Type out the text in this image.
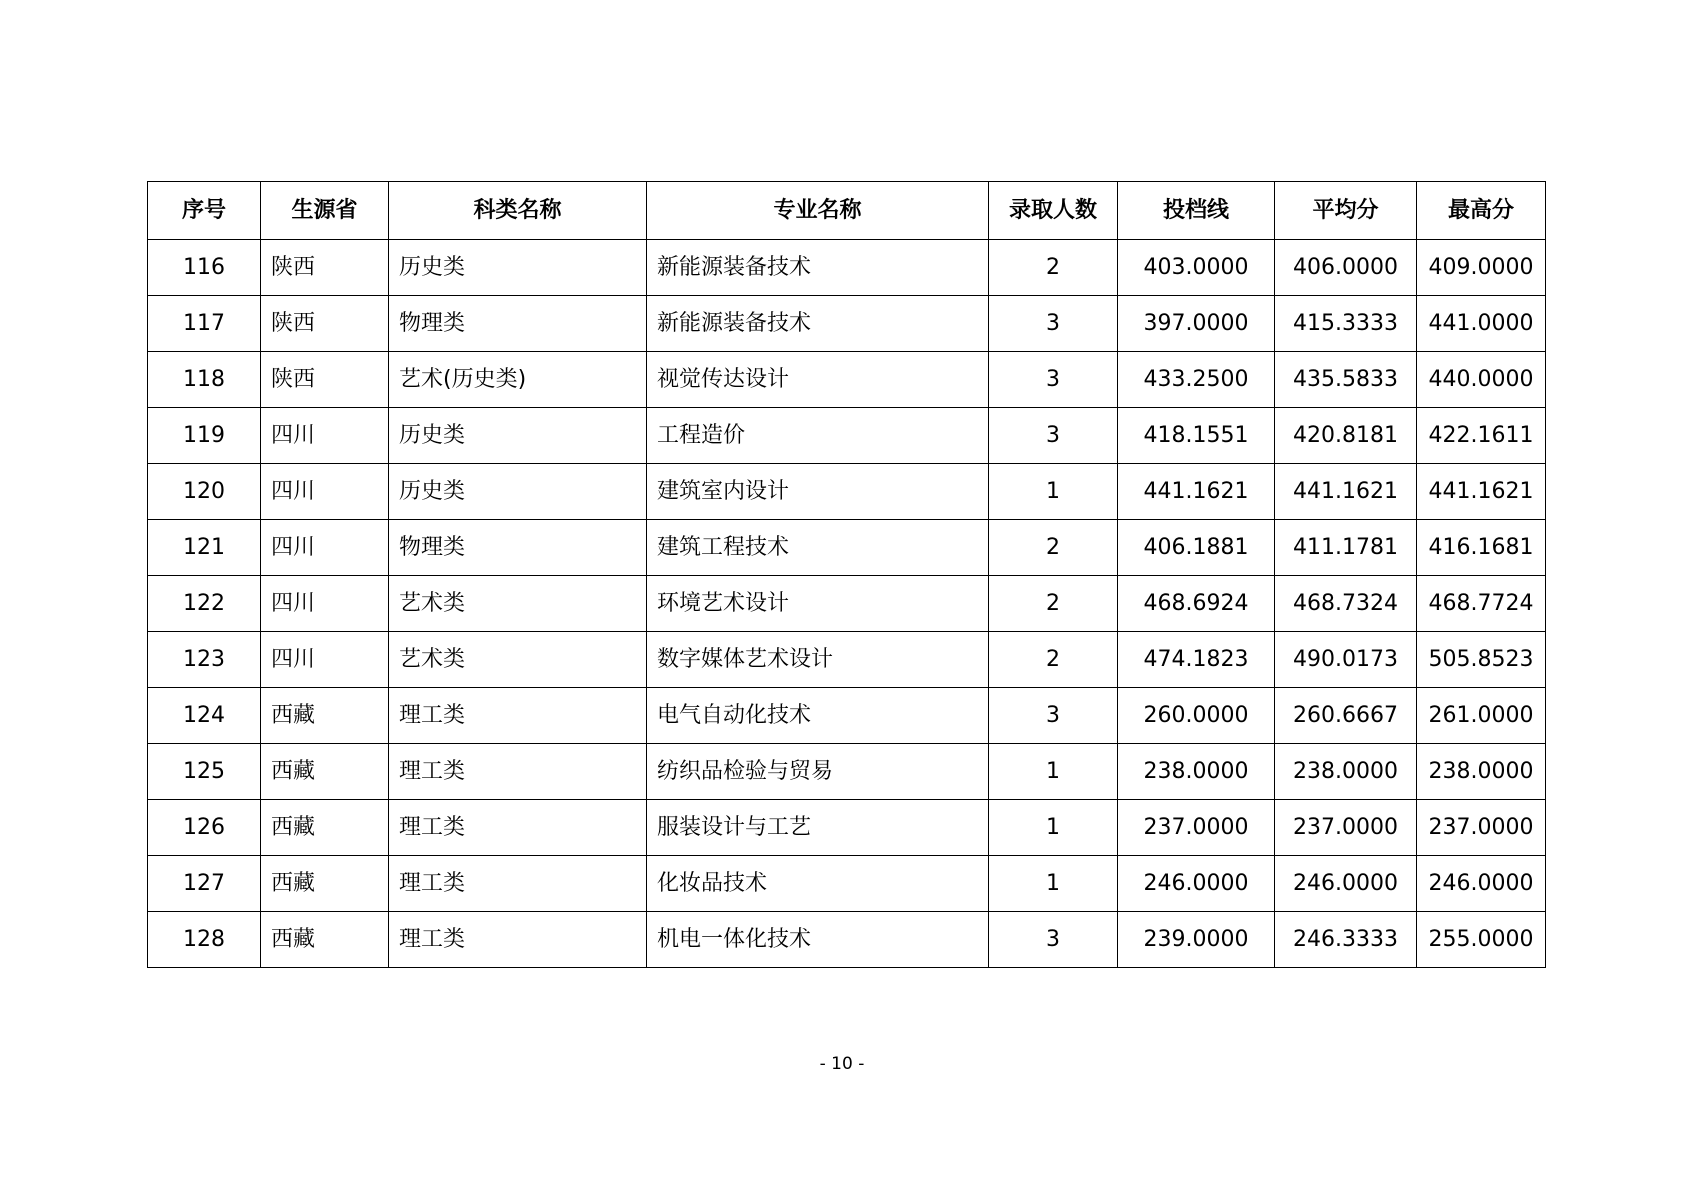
序号	生源省	科类名称	专业名称	录取人数	投档线	平均分	最高分
116	陕西	历史类	新能源装备技术	2	403.0000	406.0000	409.0000
117	陕西	物理类	新能源装备技术	3	397.0000	415.3333	441.0000
118	陕西	艺术(历史类)	视觉传达设计	3	433.2500	435.5833	440.0000
119	四川	历史类	工程造价	3	418.1551	420.8181	422.1611
120	四川	历史类	建筑室内设计	1	441.1621	441.1621	441.1621
121	四川	物理类	建筑工程技术	2	406.1881	411.1781	416.1681
122	四川	艺术类	环境艺术设计	2	468.6924	468.7324	468.7724
123	四川	艺术类	数字媒体艺术设计	2	474.1823	490.0173	505.8523
124	西藏	理工类	电气自动化技术	3	260.0000	260.6667	261.0000
125	西藏	理工类	纺织品检验与贸易	1	238.0000	238.0000	238.0000
126	西藏	理工类	服装设计与工艺	1	237.0000	237.0000	237.0000
127	西藏	理工类	化妆品技术	1	246.0000	246.0000	246.0000
128	西藏	理工类	机电一体化技术	3	239.0000	246.3333	255.0000
- 10 -
